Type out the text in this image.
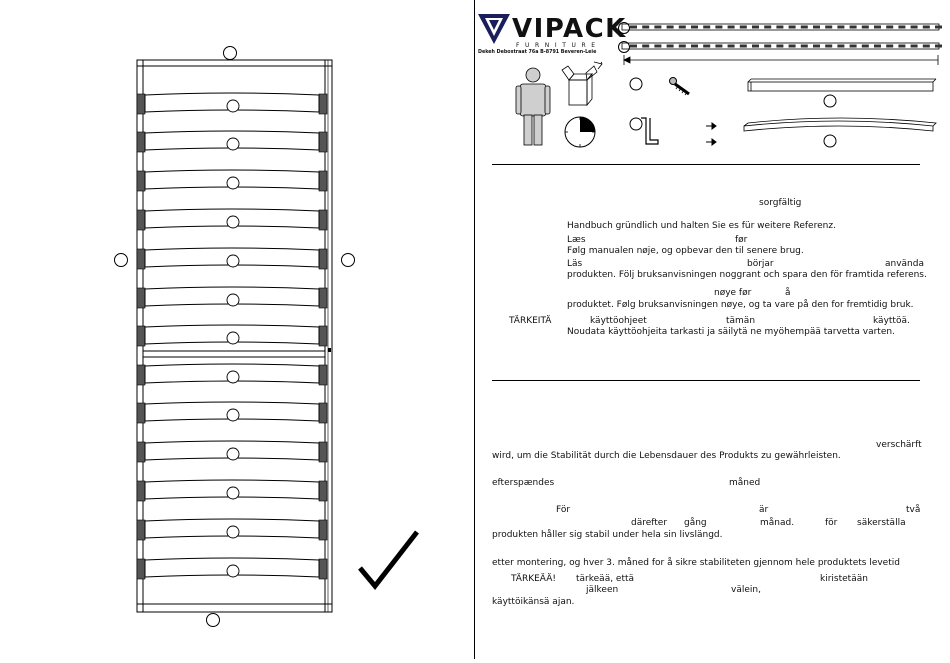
VIPACK
FURNITURE
Dekeh Debostraat 76a B-8791 Beveren-Leie
sorgfältig
Handbuch gründlich und halten Sie es für weitere Referenz.
Læs	før
Følg manualen nøje, og opbevar den til senere brug.
Läs	börjar	använda
produkten. Följ bruksanvisningen noggrant och spara den för framtida referens.
nøye før	å
produktet. Følg bruksanvisningen nøye, og ta vare på den for fremtidig bruk.
TÄRKEITÄ	käyttöohjeet	tämän	käyttöä.
Noudata käyttöohjeita tarkasti ja säilytä ne myöhempää tarvetta varten.
verschärft
wird, um die Stabilität durch die Lebensdauer des Produkts zu gewährleisten.
efterspændes	måned
För	är	två
därefter gång	månad.	för säkerställa
produkten håller sig stabil under hela sin livslängd.
etter montering, og hver 3. måned for å sikre stabiliteten gjennom hele produktets levetid
TÄRKEÄÄ! tärkeää, että	kiristetään
jälkeen	välein,
käyttöikänsä ajan.
,
